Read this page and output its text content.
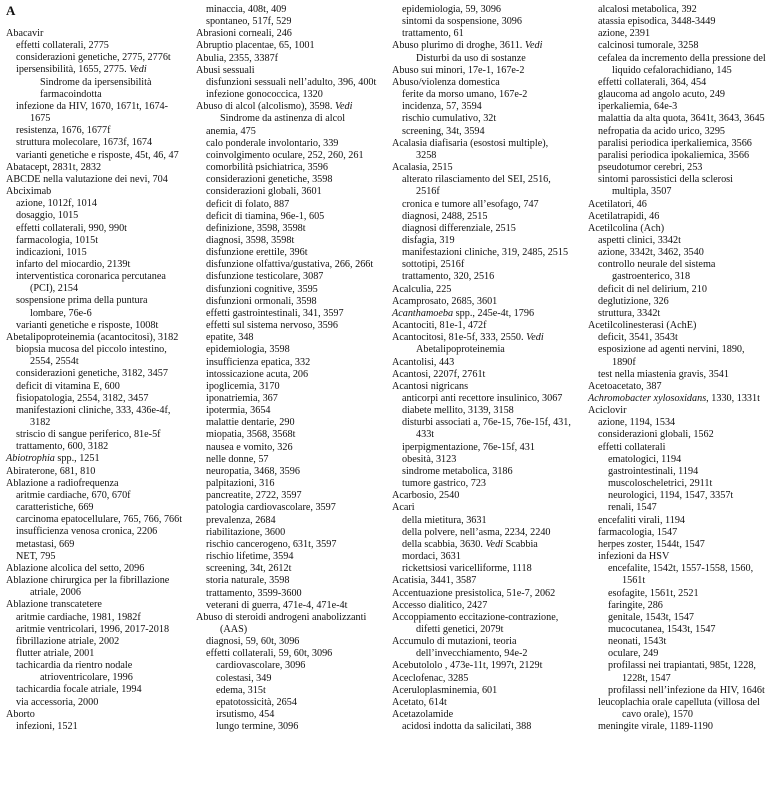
A
Abacavir
effetti collaterali, 2775
considerazioni genetiche, 2775, 2776t
ipersensibilità, 1655, 2775. Vedi
Sindrome da ipersensibilità
farmacoindotta
infezione da HIV, 1670, 1671t, 1674-
1675
resistenza, 1676, 1677f
struttura molecolare, 1673f, 1674
varianti genetiche e risposte, 45t, 46, 47
Abatacept, 2831t, 2832
ABCDE nella valutazione dei nevi, 704
Abciximab
azione, 1012f, 1014
dosaggio, 1015
effetti collaterali, 990, 990t
farmacologia, 1015t
indicazioni, 1015
infarto del miocardio, 2139t
interventistica coronarica percutanea
(PCI), 2154
sospensione prima della puntura
lombare, 76e-6
varianti genetiche e risposte, 1008t
Abetalipoproteinemia (acantocitosi), 3182
biopsia mucosa del piccolo intestino,
2554, 2554t
considerazioni genetiche, 3182, 3457
deficit di vitamina E, 600
fisiopatologia, 2554, 3182, 3457
manifestazioni cliniche, 333, 436e-4f,
3182
striscio di sangue periferico, 81e-5f
trattamento, 600, 3182
Abiotrophia spp., 1251
Abiraterone, 681, 810
Ablazione a radiofrequenza
aritmie cardiache, 670, 670f
caratteristiche, 669
carcinoma epatocellulare, 765, 766, 766t
insufficienza venosa cronica, 2206
metastasi, 669
NET, 795
Ablazione alcolica del setto, 2096
Ablazione chirurgica per la fibrillazione
atriale, 2006
Ablazione transcatetere
aritmie cardiache, 1981, 1982f
aritmie ventricolari, 1996, 2017-2018
fibrillazione atriale, 2002
flutter atriale, 2001
tachicardia da rientro nodale
atrioventricolare, 1996
tachicardia focale atriale, 1994
via accessoria, 2000
Aborto
infezioni, 1521
minaccia, 408t, 409
spontaneo, 517f, 529
Abrasioni corneali, 246
Abruptio placentae, 65, 1001
Abulia, 2355, 3387f
Abusi sessuali
disfunzioni sessuali nell’adulto, 396, 400t
infezione gonococcica, 1320
Abuso di alcol (alcolismo), 3598. Vedi
Sindrome da astinenza di alcol
anemia, 475
calo ponderale involontario, 339
coinvolgimento oculare, 252, 260, 261
comorbilità psichiatrica, 3596
considerazioni genetiche, 3598
considerazioni globali, 3601
deficit di folato, 887
deficit di tiamina, 96e-1, 605
definizione, 3598, 3598t
diagnosi, 3598, 3598t
disfunzione erettile, 396t
disfunzione olfattiva/gustativa, 266, 266t
disfunzione testicolare, 3087
disfunzioni cognitive, 3595
disfunzioni ormonali, 3598
effetti gastrointestinali, 341, 3597
effetti sul sistema nervoso, 3596
epatite, 348
epidemiologia, 3598
insufficienza epatica, 332
intossicazione acuta, 206
ipoglicemia, 3170
iponatriemia, 367
ipotermia, 3654
malattie dentarie, 290
miopatia, 3568, 3568t
nausea e vomito, 326
nelle donne, 57
neuropatia, 3468, 3596
palpitazioni, 316
pancreatite, 2722, 3597
patologia cardiovascolare, 3597
prevalenza, 2684
riabilitazione, 3600
rischio cancerogeno, 631t, 3597
rischio lifetime, 3594
screening, 34t, 2612t
storia naturale, 3598
trattamento, 3599-3600
veterani di guerra, 471e-4, 471e-4t
Abuso di steroidi androgeni anabolizzanti
(AAS)
diagnosi, 59, 60t, 3096
effetti collaterali, 59, 60t, 3096
cardiovascolare, 3096
colestasi, 349
edema, 315t
epatotossicità, 2654
irsutismo, 454
lungo termine, 3096
epidemiologia, 59, 3096
sintomi da sospensione, 3096
trattamento, 61
Abuso plurimo di droghe, 3611. Vedi
Disturbi da uso di sostanze
Abuso sui minori, 17e-1, 167e-2
Abuso/violenza domestica
ferite da morso umano, 167e-2
incidenza, 57, 3594
rischio cumulativo, 32t
screening, 34t, 3594
Acalasia diafisaria (esostosi multiple),
3258
Acalasia, 2515
alterato rilasciamento del SEI, 2516,
2516f
cronica e tumore all’esofago, 747
diagnosi, 2488, 2515
diagnosi differenziale, 2515
disfagia, 319
manifestazioni cliniche, 319, 2485, 2515
sottotipi, 2516f
trattamento, 320, 2516
Acalculia, 225
Acamprosato, 2685, 3601
Acanthamoeba spp., 245e-4t, 1796
Acantociti, 81e-1, 472f
Acantocitosi, 81e-5f, 333, 2550. Vedi
Abetalipoproteinemia
Acantolisi, 443
Acantosi, 2207f, 2761t
Acantosi nigricans
anticorpi anti recettore insulinico, 3067
diabete mellito, 3139, 3158
disturbi associati a, 76e-15, 76e-15f, 431,
433t
iperpigmentazione, 76e-15f, 431
obesità, 3123
sindrome metabolica, 3186
tumore gastrico, 723
Acarbosio, 2540
Acari
della mietitura, 3631
della polvere, nell’asma, 2234, 2240
della scabbia, 3630. Vedi Scabbia
mordaci, 3631
rickettsiosi varicelliforme, 1118
Acatisia, 3441, 3587
Accentuazione presistolica, 51e-7, 2062
Accesso dialitico, 2427
Accoppiamento eccitazione-contrazione,
difetti genetici, 2079t
Accumulo di mutazioni, teoria
dell’invecchiamento, 94e-2
Acebutololo , 473e-11t, 1997t, 2129t
Aceclofenac, 3285
Aceruloplasminemia, 601
Acetato, 614t
Acetazolamide
acidosi indotta da salicilati, 388
alcalosi metabolica, 392
atassia episodica, 3448-3449
azione, 2391
calcinosi tumorale, 3258
cefalea da incremento della pressione del
liquido cefalorachidiano, 145
effetti collaterali, 364, 454
glaucoma ad angolo acuto, 249
iperkaliemia, 64e-3
malattia da alta quota, 3641t, 3643, 3645
nefropatia da acido urico, 3295
paralisi periodica iperkaliemica, 3566
paralisi periodica ipokaliemica, 3566
pseudotumor cerebri, 253
sintomi parossistici della sclerosi
multipla, 3507
Acetilatori, 46
Acetilatrapidi, 46
Acetilcolina (Ach)
aspetti clinici, 3342t
azione, 3342t, 3462, 3540
controllo neurale del sistema
gastroenterico, 318
deficit di nel delirium, 210
deglutizione, 326
struttura, 3342t
Acetilcolinesterasi (AchE)
deficit, 3541, 3543t
esposizione ad agenti nervini, 1890,
1890f
test nella miastenia gravis, 3541
Acetoacetato, 387
Achromobacter xylosoxidans, 1330, 1331t
Aciclovir
azione, 1194, 1534
considerazioni globali, 1562
effetti collaterali
ematologici, 1194
gastrointestinali, 1194
muscoloscheletrici, 2911t
neurologici, 1194, 1547, 3357t
renali, 1547
encefaliti virali, 1194
farmacologia, 1547
herpes zoster, 1544t, 1547
infezioni da HSV
encefalite, 1542t, 1557-1558, 1560,
1561t
esofagite, 1561t, 2521
faringite, 286
genitale, 1543t, 1547
mucocutanea, 1543t, 1547
neonati, 1543t
oculare, 249
profilassi nei trapiantati, 985t, 1228,
1228t, 1547
profilassi nell’infezione da HIV, 1646t
leucoplachia orale capelluta (villosa del
cavo orale), 1570
meningite virale, 1189-1190
